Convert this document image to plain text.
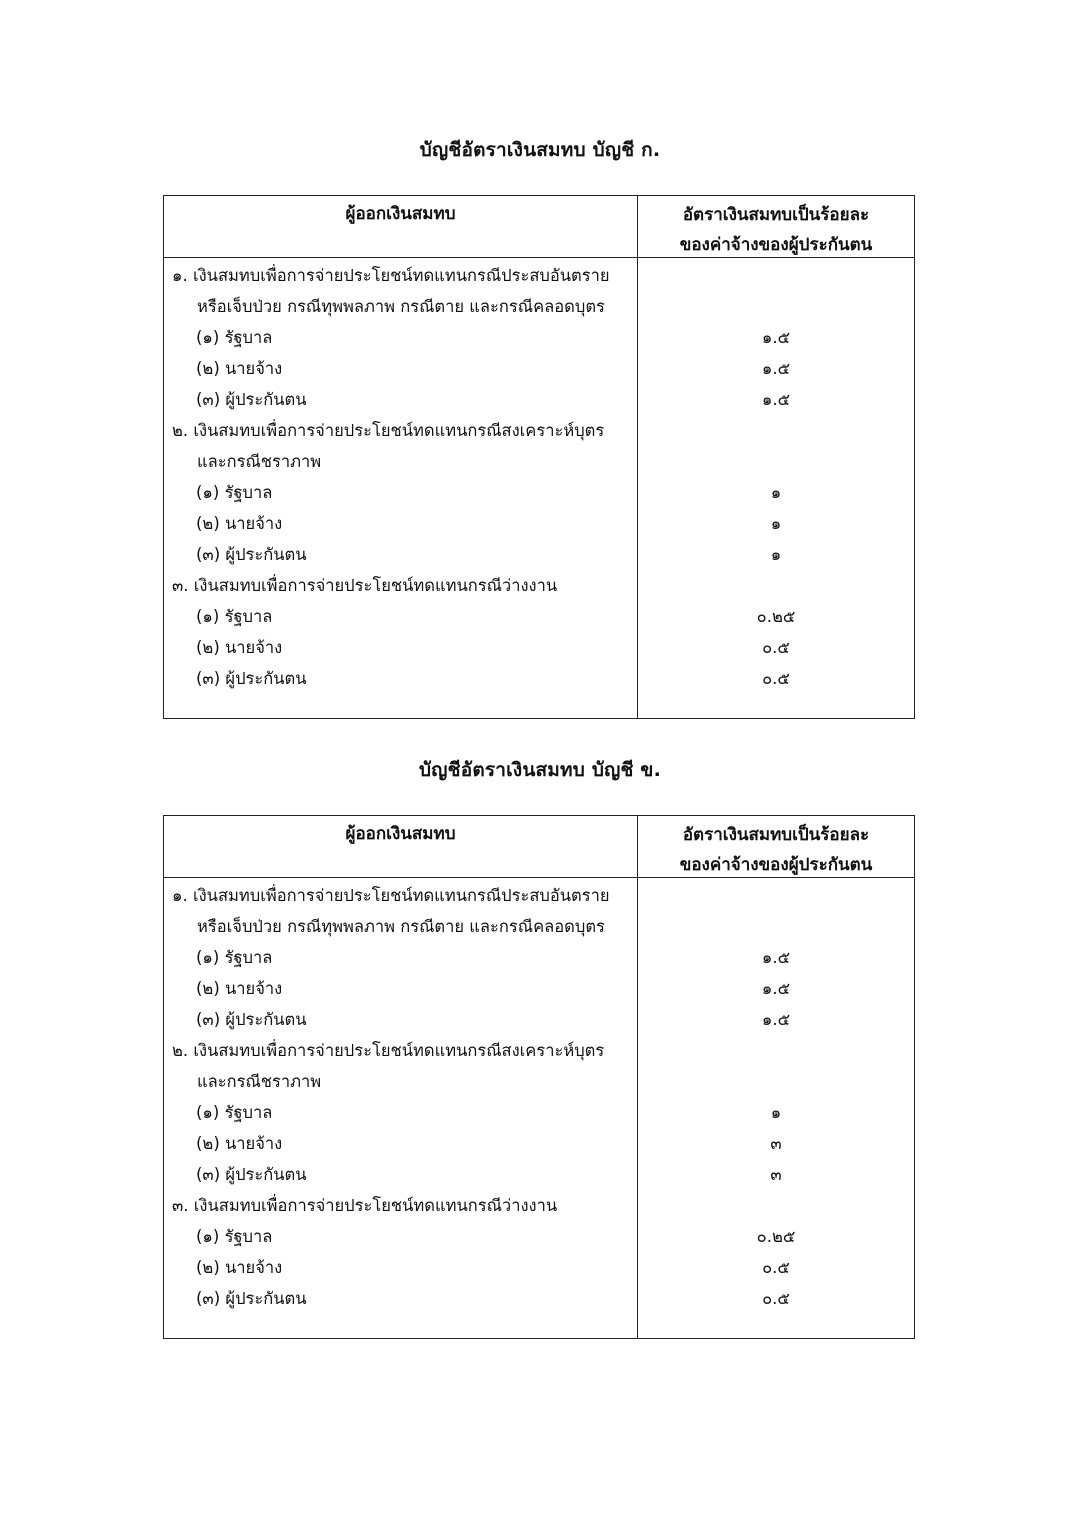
บัญชีอัตราเงินสมทบ บัญชี ก.
ผู้ออกเงินสมทบ	อัตราเงินสมทบเป็นร้อยละ
ของค่าจ้างของผู้ประกันตน
๑. เงินสมทบเพื่อการจ่ายประโยชน์ทดแทนกรณีประสบอันตราย
หรือเจ็บป่วย กรณีทุพพลภาพ กรณีตาย และกรณีคลอดบุตร
(๑) รัฐบาล	๑.๕
(๒) นายจ้าง	๑.๕
(๓) ผู้ประกันตน	๑.๕
๒. เงินสมทบเพื่อการจ่ายประโยชน์ทดแทนกรณีสงเคราะห์บุตร
และกรณีชราภาพ
(๑) รัฐบาล	๑
(๒) นายจ้าง	๑
(๓) ผู้ประกันตน	๑
๓. เงินสมทบเพื่อการจ่ายประโยชน์ทดแทนกรณีว่างงาน
(๑) รัฐบาล	๐.๒๕
(๒) นายจ้าง	๐.๕
(๓) ผู้ประกันตน	๐.๕
บัญชีอัตราเงินสมทบ บัญชี ข.
ผู้ออกเงินสมทบ	อัตราเงินสมทบเป็นร้อยละ
ของค่าจ้างของผู้ประกันตน
๑. เงินสมทบเพื่อการจ่ายประโยชน์ทดแทนกรณีประสบอันตราย
หรือเจ็บป่วย กรณีทุพพลภาพ กรณีตาย และกรณีคลอดบุตร
(๑) รัฐบาล	๑.๕
(๒) นายจ้าง	๑.๕
(๓) ผู้ประกันตน	๑.๕
๒. เงินสมทบเพื่อการจ่ายประโยชน์ทดแทนกรณีสงเคราะห์บุตร
และกรณีชราภาพ
(๑) รัฐบาล	๑
(๒) นายจ้าง	๓
(๓) ผู้ประกันตน	๓
๓. เงินสมทบเพื่อการจ่ายประโยชน์ทดแทนกรณีว่างงาน
(๑) รัฐบาล	๐.๒๕
(๒) นายจ้าง	๐.๕
(๓) ผู้ประกันตน	๐.๕
